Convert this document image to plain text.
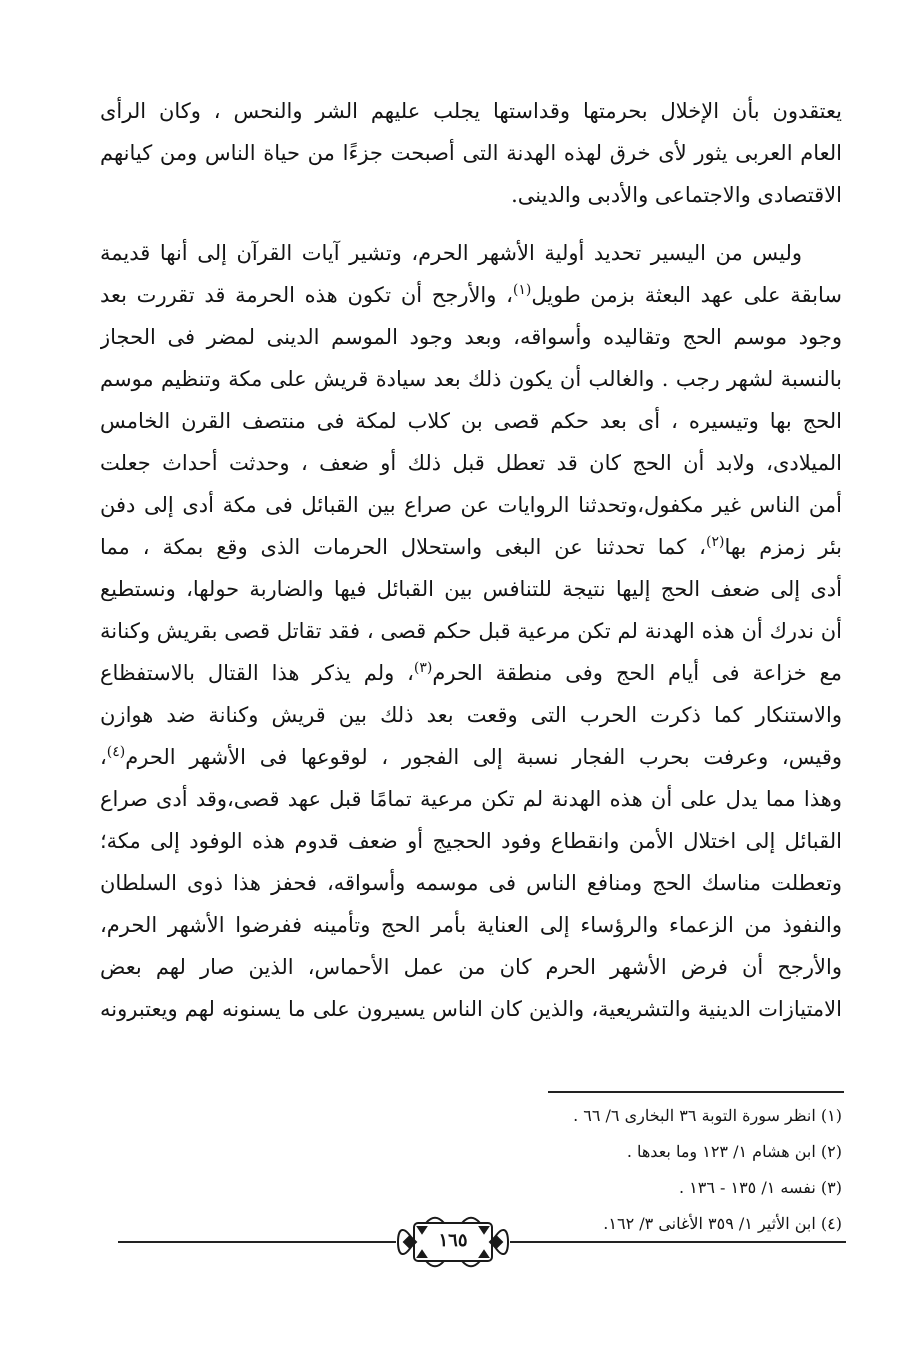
يعتقدون بأن الإخلال بحرمتها وقداستها يجلب عليهم الشر والنحس ، وكان الرأى
العام العربى يثور لأى خرق لهذه الهدنة التى أصبحت جزءًا من حياة الناس ومن كيانهم
الاقتصادى والاجتماعى والأدبى والدينى.
وليس من اليسير تحديد أولية الأشهر الحرم، وتشير آيات القرآن إلى أنها قديمة
سابقة على عهد البعثة بزمن طويل$^{(١)}$، والأرجح أن تكون هذه الحرمة قد تقررت بعد
وجود موسم الحج وتقاليده وأسواقه، وبعد وجود الموسم الدينى لمضر فى الحجاز
بالنسبة لشهر رجب . والغالب أن يكون ذلك بعد سيادة قريش على مكة وتنظيم موسم
الحج بها وتيسيره ، أى بعد حكم قصى بن كلاب لمكة فى منتصف القرن الخامس
الميلادى، ولابد أن الحج كان قد تعطل قبل ذلك أو ضعف ، وحدثت أحداث جعلت
أمن الناس غير مكفول،وتحدثنا الروايات عن صراع بين القبائل فى مكة أدى إلى دفن
بئر زمزم بها$^{(٢)}$، كما تحدثنا عن البغى واستحلال الحرمات الذى وقع بمكة ، مما
أدى إلى ضعف الحج إليها نتيجة للتنافس بين القبائل فيها والضاربة حولها، ونستطيع
أن ندرك أن هذه الهدنة لم تكن مرعية قبل حكم قصى ، فقد تقاتل قصى بقريش وكنانة
مع خزاعة فى أيام الحج وفى منطقة الحرم$^{(٣)}$، ولم يذكر هذا القتال بالاستفظاع
والاستنكار كما ذكرت الحرب التى وقعت بعد ذلك بين قريش وكنانة ضد هوازن
وقيس، وعرفت بحرب الفجار نسبة إلى الفجور ، لوقوعها فى الأشهر الحرم$^{(٤)}$،
وهذا مما يدل على أن هذه الهدنة لم تكن مرعية تمامًا قبل عهد قصى،وقد أدى صراع
القبائل إلى اختلال الأمن وانقطاع وفود الحجيج أو ضعف قدوم هذه الوفود إلى مكة؛
وتعطلت مناسك الحج ومنافع الناس فى موسمه وأسواقه، فحفز هذا ذوى السلطان
والنفوذ من الزعماء والرؤساء إلى العناية بأمر الحج وتأمينه ففرضوا الأشهر الحرم،
والأرجح أن فرض الأشهر الحرم كان من عمل الأحماس، الذين صار لهم بعض
الامتيازات الدينية والتشريعية، والذين كان الناس يسيرون على ما يسنونه لهم ويعتبرونه
(١) انظر سورة التوبة ٣٦ البخارى ٦/ ٦٦ .
(٢) ابن هشام ١/ ١٢٣ وما بعدها .
(٣) نفسه ١/ ١٣٥ - ١٣٦ .
(٤) ابن الأثير ١/ ٣٥٩ الأغانى ٣/ ١٦٢.
١٦٥
